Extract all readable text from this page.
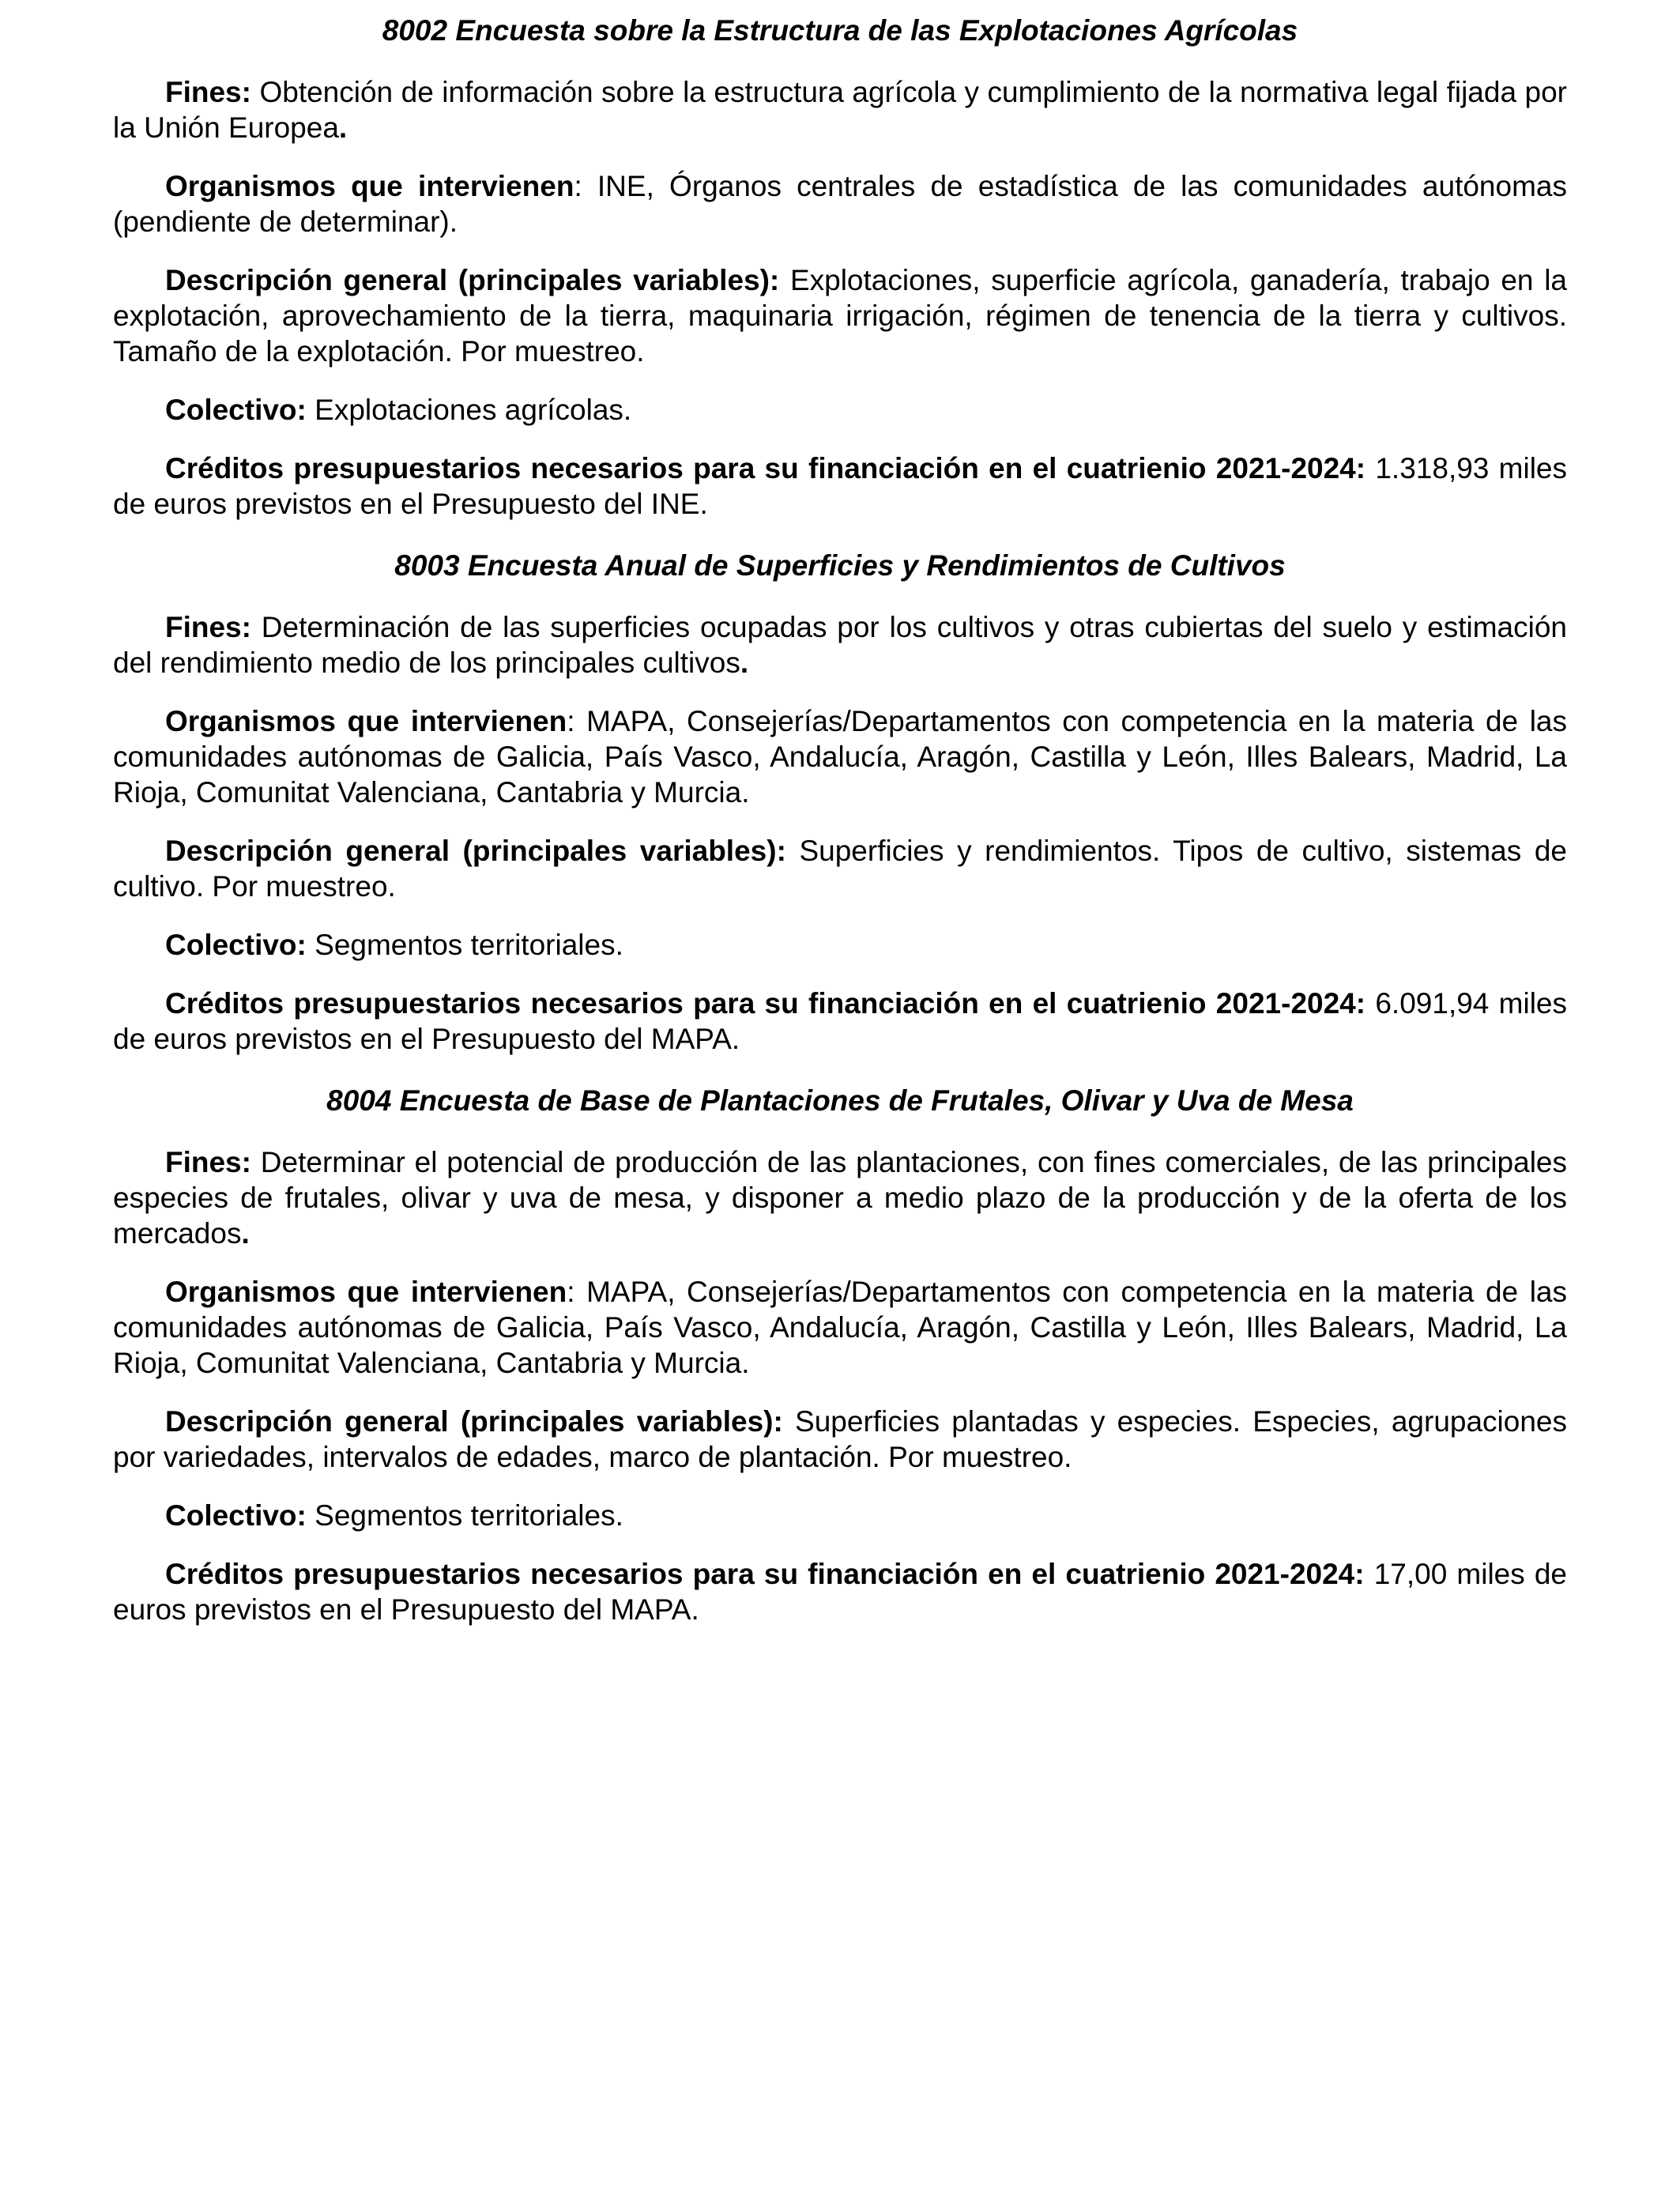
8002 Encuesta sobre la Estructura de las Explotaciones Agrícolas

Fines: Obtención de información sobre la estructura agrícola y cumplimiento de la normativa legal fijada por la Unión Europea.

Organismos que intervienen: INE, Órganos centrales de estadística de las comunidades autónomas (pendiente de determinar).

Descripción general (principales variables): Explotaciones, superficie agrícola, ganadería, trabajo en la explotación, aprovechamiento de la tierra, maquinaria irrigación, régimen de tenencia de la tierra y cultivos. Tamaño de la explotación. Por muestreo.

Colectivo: Explotaciones agrícolas.

Créditos presupuestarios necesarios para su financiación en el cuatrienio 2021-2024: 1.318,93 miles de euros previstos en el Presupuesto del INE.

8003 Encuesta Anual de Superficies y Rendimientos de Cultivos

Fines: Determinación de las superficies ocupadas por los cultivos y otras cubiertas del suelo y estimación del rendimiento medio de los principales cultivos.

Organismos que intervienen: MAPA, Consejerías/Departamentos con competencia en la materia de las comunidades autónomas de Galicia, País Vasco, Andalucía, Aragón, Castilla y León, Illes Balears, Madrid, La Rioja, Comunitat Valenciana, Cantabria y Murcia.

Descripción general (principales variables): Superficies y rendimientos. Tipos de cultivo, sistemas de cultivo. Por muestreo.

Colectivo: Segmentos territoriales.

Créditos presupuestarios necesarios para su financiación en el cuatrienio 2021-2024: 6.091,94 miles de euros previstos en el Presupuesto del MAPA.

8004 Encuesta de Base de Plantaciones de Frutales, Olivar y Uva de Mesa

Fines: Determinar el potencial de producción de las plantaciones, con fines comerciales, de las principales especies de frutales, olivar y uva de mesa, y disponer a medio plazo de la producción y de la oferta de los mercados.

Organismos que intervienen: MAPA, Consejerías/Departamentos con competencia en la materia de las comunidades autónomas de Galicia, País Vasco, Andalucía, Aragón, Castilla y León, Illes Balears, Madrid, La Rioja, Comunitat Valenciana, Cantabria y Murcia.

Descripción general (principales variables): Superficies plantadas y especies. Especies, agrupaciones por variedades, intervalos de edades, marco de plantación. Por muestreo.

Colectivo: Segmentos territoriales.

Créditos presupuestarios necesarios para su financiación en el cuatrienio 2021-2024: 17,00 miles de euros previstos en el Presupuesto del MAPA.
